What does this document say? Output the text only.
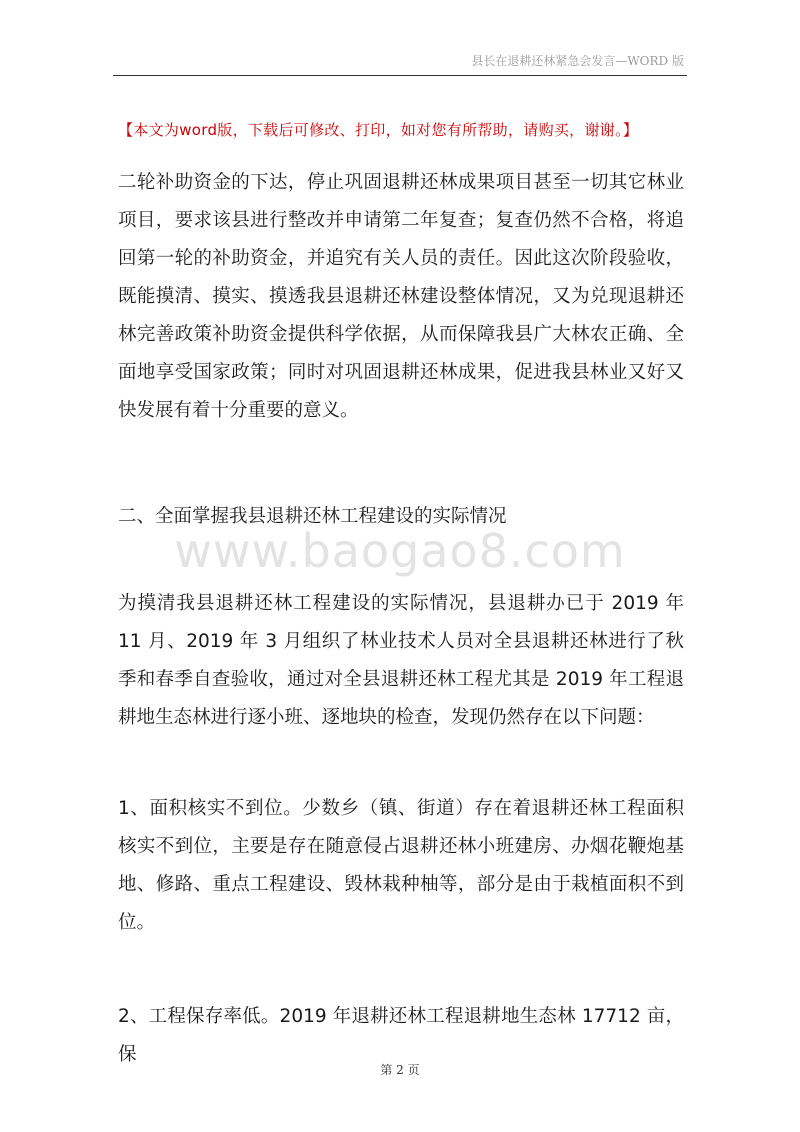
县长在退耕还林紧急会发言—WORD 版
【本文为word版，下载后可修改、打印，如对您有所帮助，请购买，谢谢。】

二轮补助资金的下达，停止巩固退耕还林成果项目甚至一切其它林业项目，要求该县进行整改并申请第二年复查；复查仍然不合格，将追回第一轮的补助资金，并追究有关人员的责任。因此这次阶段验收，既能摸清、摸实、摸透我县退耕还林建设整体情况，又为兑现退耕还林完善政策补助资金提供科学依据，从而保障我县广大林农正确、全面地享受国家政策；同时对巩固退耕还林成果，促进我县林业又好又快发展有着十分重要的意义。

二、全面掌握我县退耕还林工程建设的实际情况

为摸清我县退耕还林工程建设的实际情况，县退耕办已于 2019 年 11 月、2019 年 3 月组织了林业技术人员对全县退耕还林进行了秋季和春季自查验收，通过对全县退耕还林工程尤其是 2019 年工程退耕地生态林进行逐小班、逐地块的检查，发现仍然存在以下问题：

1、面积核实不到位。少数乡（镇、街道）存在着退耕还林工程面积核实不到位，主要是存在随意侵占退耕还林小班建房、办烟花鞭炮基地、修路、重点工程建设、毁林栽种柚等，部分是由于栽植面积不到位。

2、工程保存率低。2019 年退耕还林工程退耕地生态林 17712 亩，保

www.baogao8.com
第 2 页
